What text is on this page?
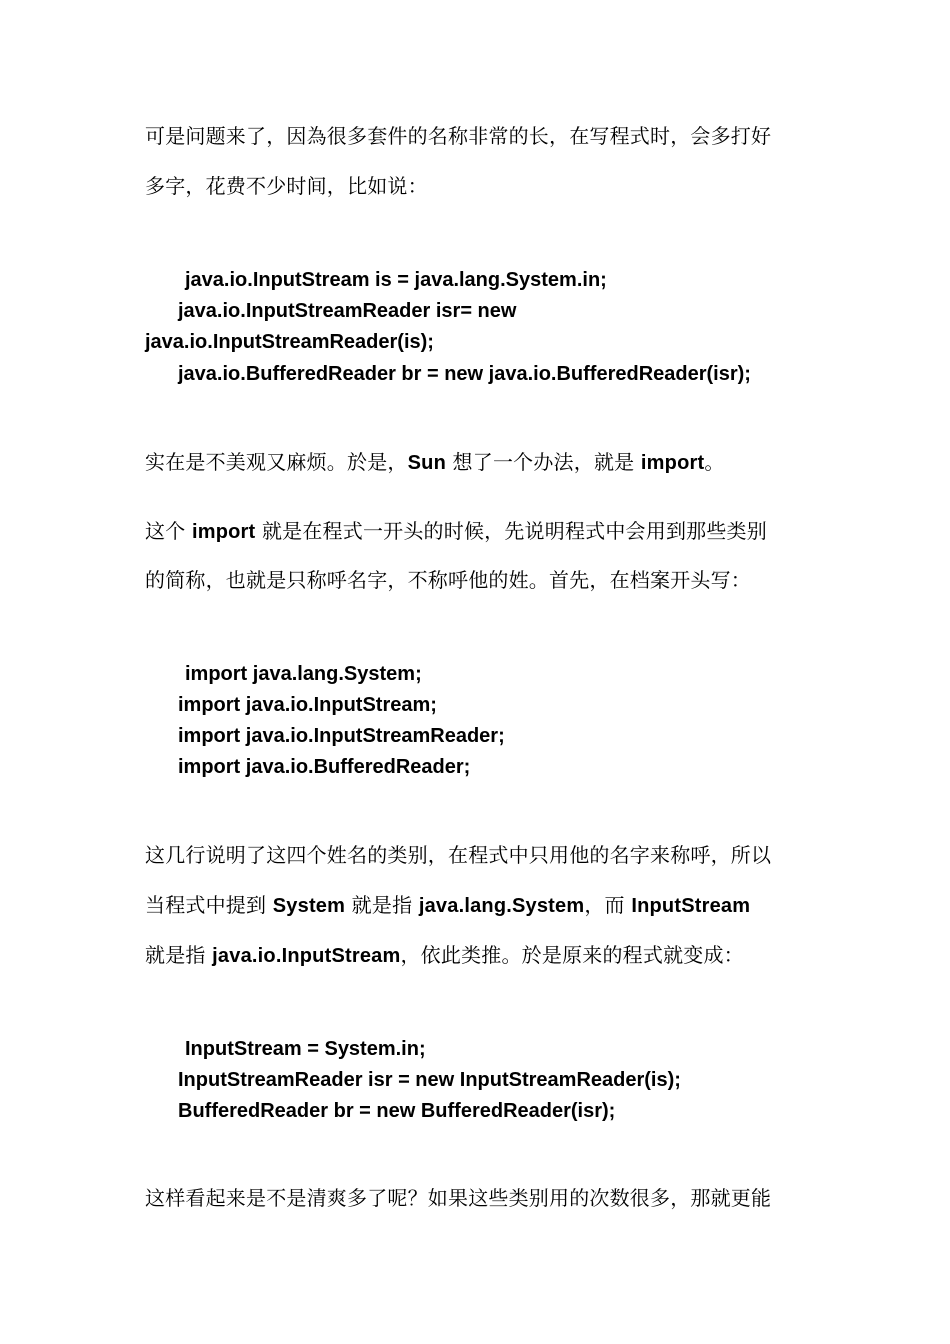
可是问题来了，因為很多套件的名称非常的长，在写程式时，会多打好
多字，花费不少时间，比如说：
java.io.InputStream is = java.lang.System.in;
java.io.InputStreamReader isr= new
java.io.InputStreamReader(is);
java.io.BufferedReader br = new java.io.BufferedReader(isr);
实在是不美观又麻烦。於是，Sun 想了一个办法，就是 import。
这个 import 就是在程式一开头的时候，先说明程式中会用到那些类别
的简称，也就是只称呼名字，不称呼他的姓。首先，在档案开头写：
import java.lang.System;
import java.io.InputStream;
import java.io.InputStreamReader;
import java.io.BufferedReader;
这几行说明了这四个姓名的类别，在程式中只用他的名字来称呼，所以
当程式中提到 System 就是指 java.lang.System，而 InputStream
就是指 java.io.InputStream，依此类推。於是原来的程式就变成：
InputStream = System.in;
InputStreamReader isr = new InputStreamReader(is);
BufferedReader br = new BufferedReader(isr);
这样看起来是不是清爽多了呢？如果这些类别用的次数很多，那就更能
